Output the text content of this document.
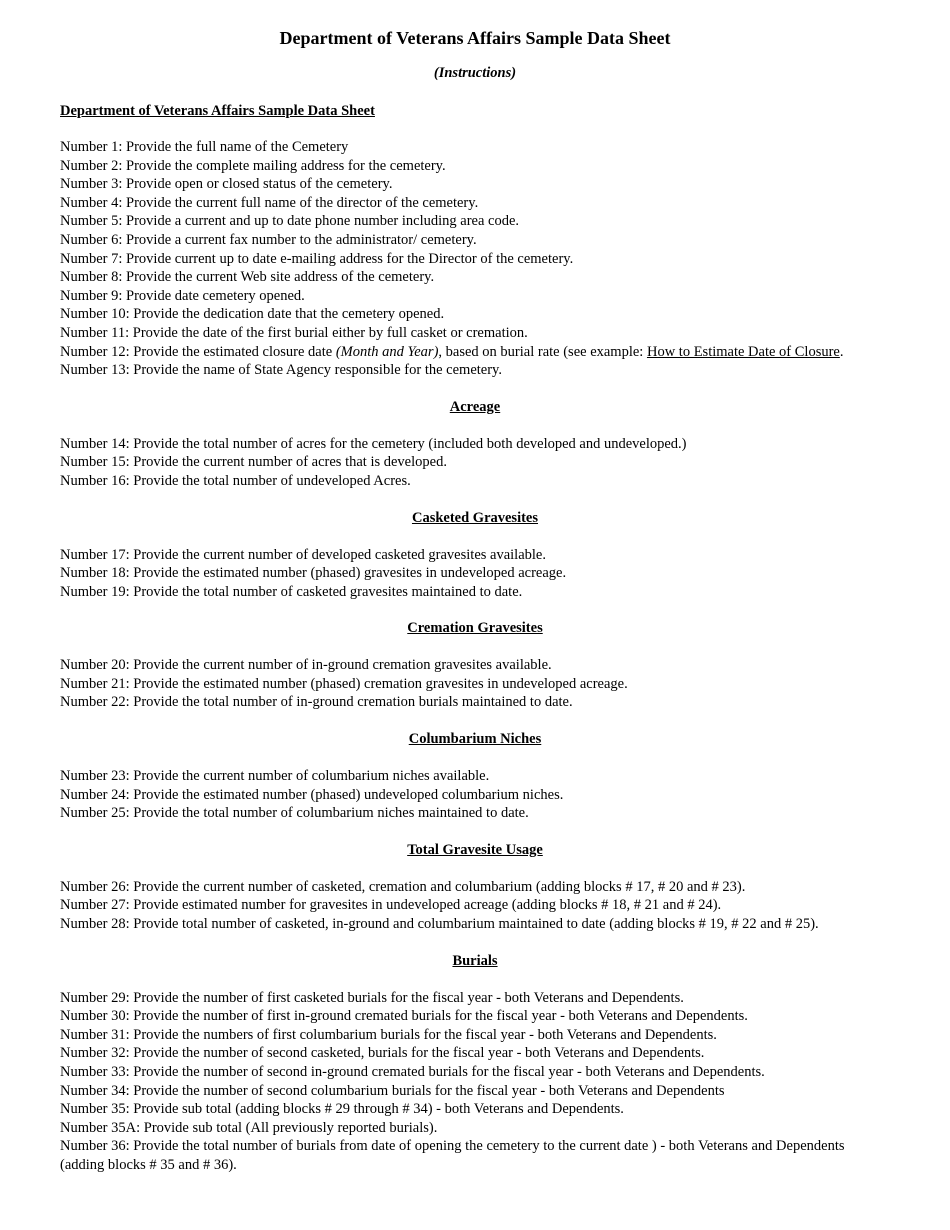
Department of Veterans Affairs Sample Data Sheet
(Instructions)
Department of Veterans Affairs Sample Data Sheet

Number 1: Provide the full name of the Cemetery

Number 2: Provide the complete mailing address for the cemetery.

Number 3: Provide open or closed status of the cemetery.

Number 4: Provide the current full name of the director of the cemetery.

Number 5: Provide a current and up to date phone number including area code.

Number 6: Provide a current fax number to the administrator/ cemetery.

Number 7: Provide current up to date e-mailing address for the Director of the cemetery.

Number 8: Provide the current Web site address of the cemetery.

Number 9: Provide date cemetery opened.

Number 10: Provide the dedication date that the cemetery opened.

Number 11: Provide the date of the first burial either by full casket or cremation.

Number 12: Provide the estimated closure date (Month and Year), based on burial rate (see example: How to Estimate Date of Closure.

Number 13: Provide the name of State Agency responsible for the cemetery.

Acreage

Number 14: Provide the total number of acres for the cemetery (included both developed and undeveloped.)

Number 15: Provide the current number of acres that is developed.

Number 16: Provide the total number of undeveloped Acres.

Casketed Gravesites

Number 17: Provide the current number of developed casketed gravesites available.

Number 18: Provide the estimated number (phased) gravesites in undeveloped acreage.

Number 19: Provide the total number of casketed gravesites maintained to date.

Cremation Gravesites

Number 20: Provide the current number of in-ground cremation gravesites available.

Number 21: Provide the estimated number (phased) cremation gravesites in undeveloped acreage.

Number 22: Provide the total number of in-ground cremation burials maintained to date.

Columbarium Niches

Number 23: Provide the current number of columbarium niches available.

Number 24: Provide the estimated number (phased) undeveloped columbarium niches.

Number 25: Provide the total number of columbarium niches maintained to date.

Total Gravesite Usage

Number 26: Provide the current number of casketed, cremation and columbarium (adding blocks # 17, # 20 and # 23).

Number 27: Provide estimated number for gravesites in undeveloped acreage (adding blocks # 18, # 21 and # 24).

Number 28: Provide total number of casketed, in-ground and columbarium maintained to date (adding blocks # 19, # 22 and # 25).

Burials

Number 29: Provide the number of first casketed burials for the fiscal year - both Veterans and Dependents.

Number 30: Provide the number of first in-ground cremated burials for the fiscal year - both Veterans and Dependents.

Number 31: Provide the numbers of first columbarium burials for the fiscal year - both Veterans and Dependents.

Number 32: Provide the number of second casketed, burials for the fiscal year - both Veterans and Dependents.

Number 33: Provide the number of second in-ground cremated burials for the fiscal year - both Veterans and Dependents.

Number 34: Provide the number of second columbarium burials for the fiscal year - both Veterans and Dependents

Number 35: Provide sub total (adding blocks # 29 through # 34) - both Veterans and Dependents.

Number 35A: Provide sub total (All previously reported burials).

Number 36: Provide the total number of burials from date of opening the cemetery to the current date ) - both Veterans and Dependents (adding blocks # 35 and # 36).
